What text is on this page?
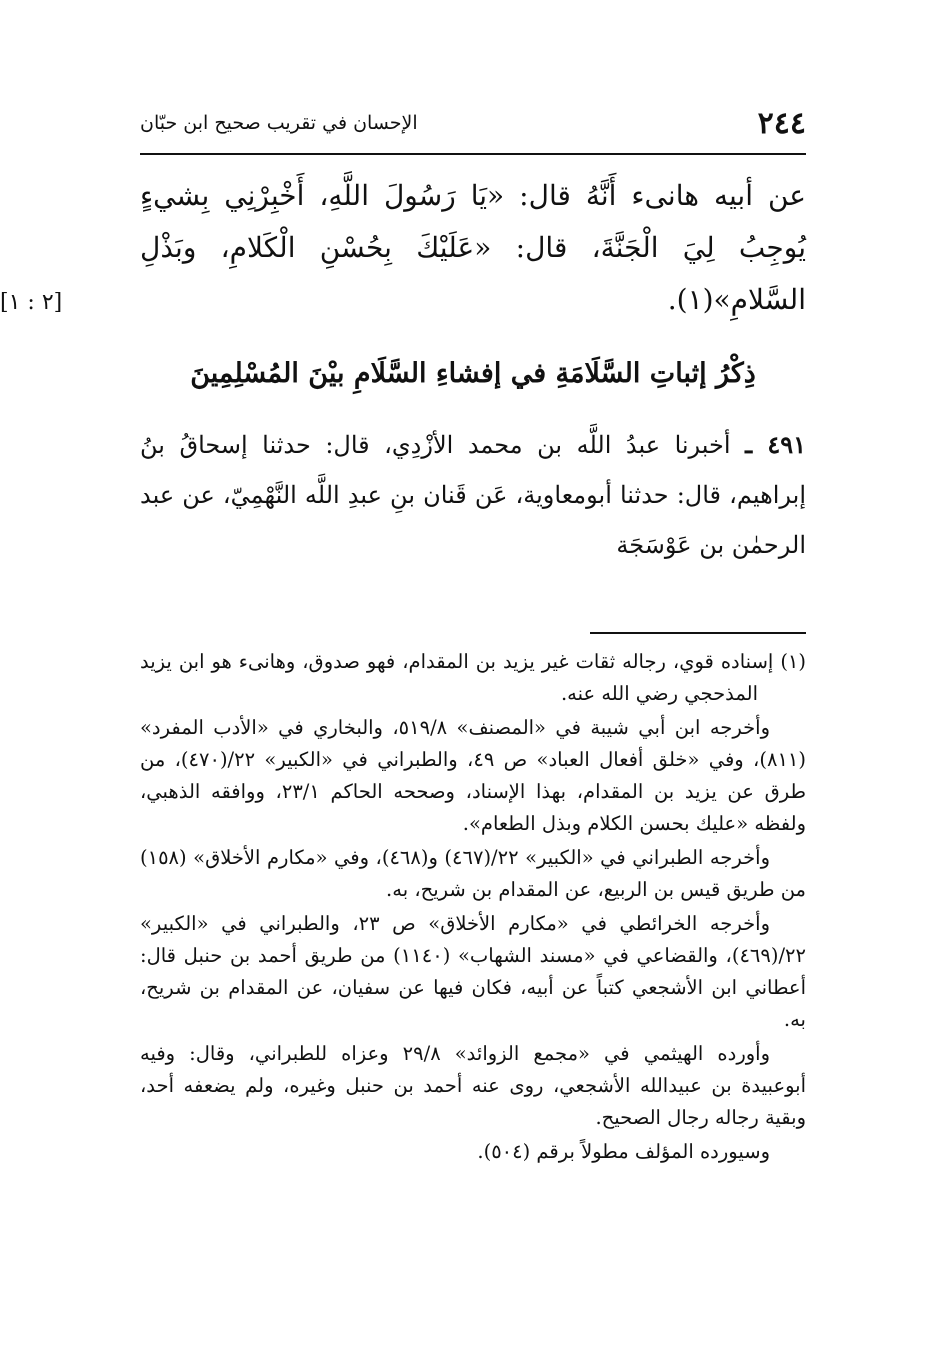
٢٤٤
الإحسان في تقريب صحيح ابن حبّان
عن أبيه هانىء أَنَّهُ قال: «يَا رَسُولَ اللَّهِ، أَخْبِرْنِي بِشيءٍ يُوجِبُ لِيَ الْجَنَّةَ، قال: «عَلَيْكَ بِحُسْنِ الْكَلامِ، وبَذْلِ السَّلامِ»(١).
[٢ : ١]
ذِكْرُ إثباتِ السَّلَامَةِ في إفشاءِ السَّلَامِ بيْنَ المُسْلِمِينَ
٤٩١ ـ أخبرنا عبدُ اللَّه بن محمد الأزْدِي، قال: حدثنا إسحاقُ بنُ إبراهيم، قال: حدثنا أبومعاوية، عَن قَنان بنِ عبدِ اللَّه النَّهْمِيّ، عن عبد الرحمٰن بن عَوْسَجَة

(١) إسناده قوي، رجاله ثقات غير يزيد بن المقدام، فهو صدوق، وهانىء هو ابن يزيد المذحجي رضي الله عنه.

وأخرجه ابن أبي شيبة في «المصنف» ٥١٩/٨، والبخاري في «الأدب المفرد» (٨١١)، وفي «خلق أفعال العباد» ص ٤٩، والطبراني في «الكبير» ٢٢/(٤٧٠)، من طرق عن يزيد بن المقدام، بهذا الإسناد، وصححه الحاكم ٢٣/١، ووافقه الذهبي، ولفظه «عليك بحسن الكلام وبذل الطعام».

وأخرجه الطبراني في «الكبير» ٢٢/(٤٦٧) و(٤٦٨)، وفي «مكارم الأخلاق» (١٥٨) من طريق قيس بن الربيع، عن المقدام بن شريح، به.

وأخرجه الخرائطي في «مكارم الأخلاق» ص ٢٣، والطبراني في «الكبير» ٢٢/(٤٦٩)، والقضاعي في «مسند الشهاب» (١١٤٠) من طريق أحمد بن حنبل قال: أعطاني ابن الأشجعي كتباً عن أبيه، فكان فيها عن سفيان، عن المقدام بن شريح، به.

وأورده الهيثمي في «مجمع الزوائد» ٢٩/٨ وعزاه للطبراني، وقال: وفيه أبوعبيدة بن عبيدالله الأشجعي، روى عنه أحمد بن حنبل وغيره، ولم يضعفه أحد، وبقية رجاله رجال الصحيح.

وسيورده المؤلف مطولاً برقم (٥٠٤).
